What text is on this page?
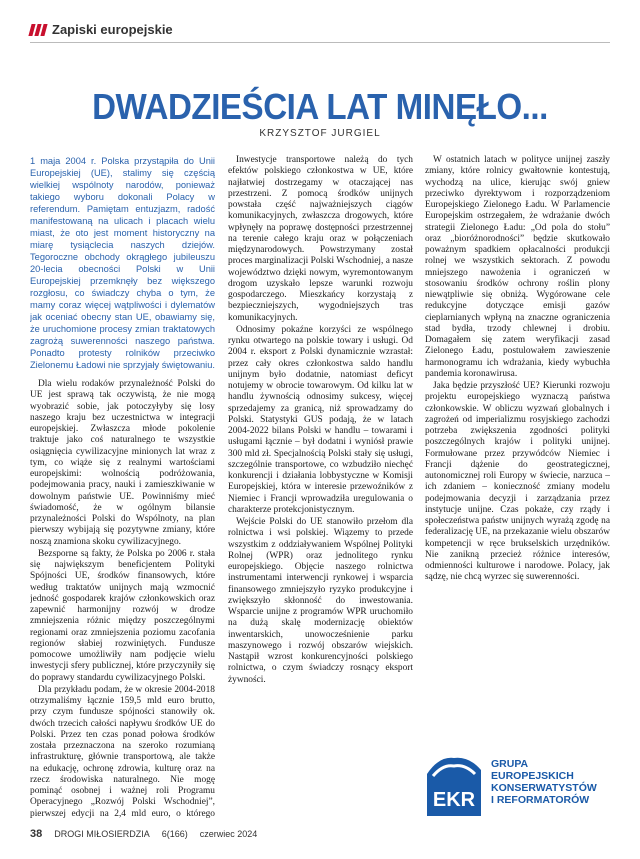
Zapiski europejskie
DWADZIEŚCIA LAT MINĘŁO...
KRZYSZTOF JURGIEL

1 maja 2004 r. Polska przystąpiła do Unii Europejskiej (UE), stalimy się częścią wielkiej wspólnoty narodów, ponieważ takiego wyboru dokonali Polacy w referendum. Pamiętam entuzjazm, radość manifestowaną na ulicach i placach wielu miast, że oto jest moment historyczny na miarę tysiąclecia naszych dziejów. Tegoroczne obchody okrągłego jubileuszu 20-lecia obecności Polski w Unii Europejskiej przemknęły bez większego rozgłosu, co świadczy chyba o tym, że mamy coraz więcej wątpliwości i dylematów jak oceniać obecny stan UE, obawiamy się, że uruchomione procesy zmian traktatowych zagrożą suwerenności naszego państwa. Ponadto protesty rolników przeciwko Zielonemu Ładowi nie sprzyjały świętowaniu.

Dla wielu rodaków przynależność Polski do UE jest sprawą tak oczywistą, że nie mogą wyobrazić sobie, jak potoczyłyby się losy naszego kraju bez uczestnictwa w integracji europejskiej. Zwłaszcza młode pokolenie traktuje jako coś naturalnego te wszystkie osiągnięcia cywilizacyjne minionych lat wraz z tym, co wiąże się z realnymi wartościami europejskimi: wolnością podróżowania, podejmowania pracy, nauki i zamieszkiwanie w dowolnym państwie UE. Powinniśmy mieć świadomość, że w ogólnym bilansie przynależności Polski do Wspólnoty, na plan pierwszy wybijają się pozytywne zmiany, które noszą znamiona skoku cywilizacyjnego.

Bezsporne są fakty, że Polska po 2006 r. stała się największym beneficjentem Polityki Spójności UE, środków finansowych, które według traktatów unijnych mają wzmocnić jedność gospodarek krajów członkowskich oraz zapewnić harmonijny rozwój w drodze zmniejszenia różnic między poszczególnymi regionami oraz zmniejszenia poziomu zacofania regionów słabiej rozwiniętych. Fundusze pomocowe umożliwiły nam podjęcie wielu inwestycji sfery publicznej, które przyczyniły się do poprawy standardu cywilizacyjnego Polski.

Dla przykładu podam, że w okresie 2004-2018 otrzymaliśmy łącznie 159,5 mld euro brutto, przy czym fundusze spójności stanowiły ok. dwóch trzecich całości napływu środków UE do Polski. Przez ten czas ponad połowa środków została przeznaczona na szeroko rozumianą infrastrukturę, głównie transportową, ale także na edukację, ochronę zdrowia, kulturę oraz na rzecz środowiska naturalnego. Nie mogę pominąć osobnej i ważnej roli Programu Operacyjnego „Rozwój Polski Wschodniej”, pierwszej edycji na 2,4 mld euro, o którego

Inwestycje transportowe należą do tych efektów polskiego członkostwa w UE, które najłatwiej dostrzegamy w otaczającej nas przestrzeni. Z pomocą środków unijnych powstała część najważniejszych ciągów komunikacyjnych, zwłaszcza drogowych, które wpłynęły na poprawę dostępności przestrzennej na terenie całego kraju oraz w połączeniach międzynarodowych. Powstrzymany został proces marginalizacji Polski Wschodniej, a nasze województwo dzięki nowym, wyremontowanym drogom uzyskało lepsze warunki rozwoju gospodarczego. Mieszkańcy korzystają z bezpieczniejszych, wygodniejszych tras komunikacyjnych.

Odnosimy pokaźne korzyści ze wspólnego rynku otwartego na polskie towary i usługi. Od 2004 r. eksport z Polski dynamicznie wzrastał: przez cały okres członkostwa saldo handlu unijnym było dodatnie, natomiast deficyt notujemy w obrocie towarowym. Od kilku lat w handlu żywnością odnosimy sukcesy, więcej sprzedajemy za granicą, niż sprowadzamy do Polski. Statystyki GUS podają, że w latach 2004-2022 bilans Polski w handlu – towarami i usługami łącznie – był dodatni i wyniósł prawie 300 mld zł. Specjalnością Polski stały się usługi, szczególnie transportowe, co wzbudziło niechęć konkurencji i działania lobbystyczne w Komisji Europejskiej, która w interesie przewoźników z Niemiec i Francji wprowadziła uregulowania o charakterze protekcjonistycznym.

Wejście Polski do UE stanowiło przełom dla rolnictwa i wsi polskiej. Wiązemy to przede wszystkim z oddziaływaniem Wspólnej Polityki Rolnej (WPR) oraz jednolitego rynku europejskiego. Objęcie naszego rolnictwa instrumentami interwencji rynkowej i wsparcia finansowego zmniejszyło ryzyko produkcyjne i zwiększyło skłonność do inwestowania. Wsparcie unijne z programów WPR uruchomiło na dużą skalę modernizację obiektów inwentarskich, unowocześnienie parku maszynowego i rozwój obszarów wiejskich. Nastąpił wzrost konkurencyjności polskiego rolnictwa, o czym świadczy rosnący eksport żywności.

W ostatnich latach w polityce unijnej zaszły zmiany, które rolnicy gwałtownie kontestują, wychodzą na ulice, kierując swój gniew przeciwko dyrektywom i rozporządzeniom Europejskiego Zielonego Ładu. W Parlamencie Europejskim ostrzegałem, że wdrażanie dwóch strategii Zielonego Ładu: „Od pola do stołu” oraz „bioróżnorodności” będzie skutkowało poważnym spadkiem opłacalności produkcji rolnej we wszystkich sektorach. Z powodu mniejszego nawożenia i ograniczeń w stosowaniu środków ochrony roślin plony niewątpliwie się obniżą. Wygórowane cele redukcyjne dotyczące emisji gazów cieplarnianych wpłyną na znaczne ograniczenia stad bydła, trzody chlewnej i drobiu. Domagałem się zatem weryfikacji zasad Zielonego Ładu, postulowałem zawieszenie harmonogramu ich wdrażania, kiedy wybuchła pandemia koronawirusa.

Jaka będzie przyszłość UE? Kierunki rozwoju projektu europejskiego wyznaczą państwa członkowskie. W obliczu wyzwań globalnych i zagrożeń od imperializmu rosyjskiego zachodzi potrzeba zwiększenia zgodności polityki poszczególnych krajów i polityki unijnej. Formułowane przez przywódców Niemiec i Francji dążenie do geostrategicznej, autonomicznej roli Europy w świecie, narzuca – ich zdaniem – konieczność zmiany modelu podejmowania decyzji i zarządzania przez instytucje unijne. Czas pokaże, czy rządy i społeczeństwa państw unijnych wyrażą zgodę na federalizację UE, na przekazanie wielu obszarów kompetencji w ręce brukselskich urzędników. Nie zanikną przecież różnice interesów, odmienności kulturowe i narodowe. Polacy, jak sądzę, nie chcą wyrzec się suwerenności.

EKR
GRUPA
EUROPEJSKICH
KONSERWATYSTÓW
I REFORMATORÓW
38 DROGI MIŁOSIERDZIA 6(166) czerwiec 2024
